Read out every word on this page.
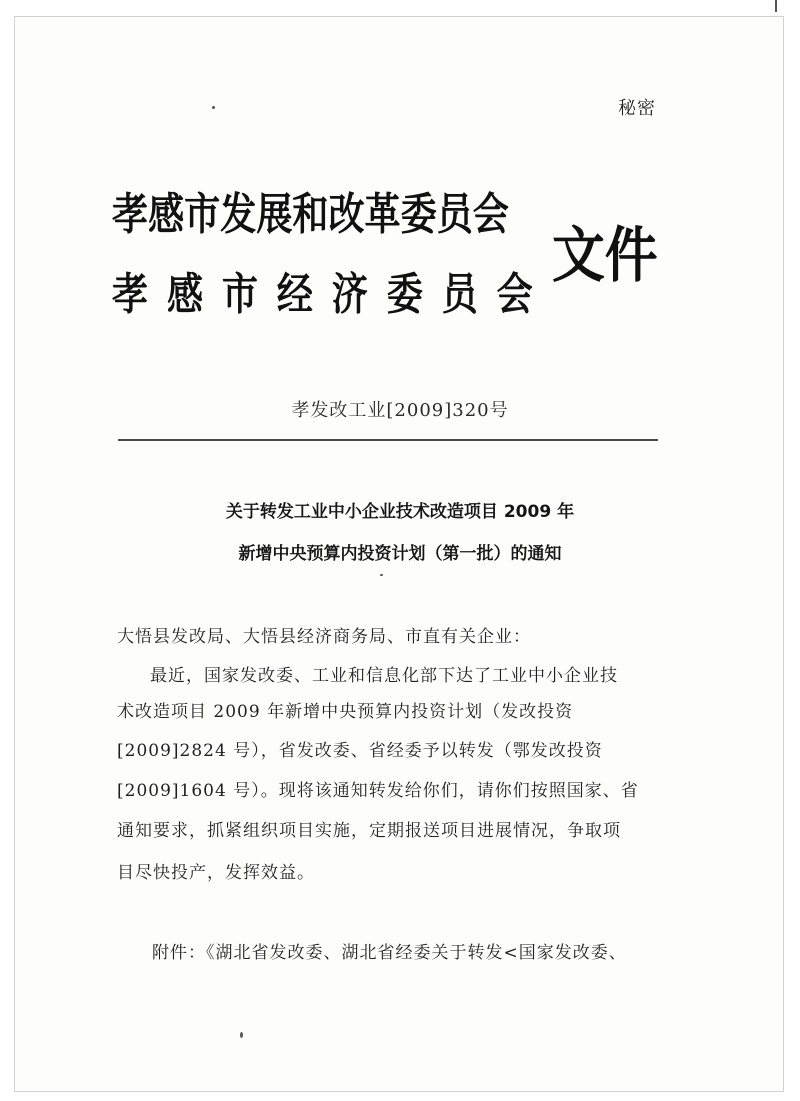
秘密
孝感市发展和改革委员会
孝感市经济委员会
文件
孝发改工业[2009]320号
关于转发工业中小企业技术改造项目 2009 年
新增中央预算内投资计划（第一批）的通知
大悟县发改局、大悟县经济商务局、市直有关企业：
最近，国家发改委、工业和信息化部下达了工业中小企业技
术改造项目 2009 年新增中央预算内投资计划（发改投资
[2009]2824 号），省发改委、省经委予以转发（鄂发改投资
[2009]1604 号）。现将该通知转发给你们，请你们按照国家、省
通知要求，抓紧组织项目实施，定期报送项目进展情况，争取项
目尽快投产，发挥效益。
附件：《湖北省发改委、湖北省经委关于转发<国家发改委、
